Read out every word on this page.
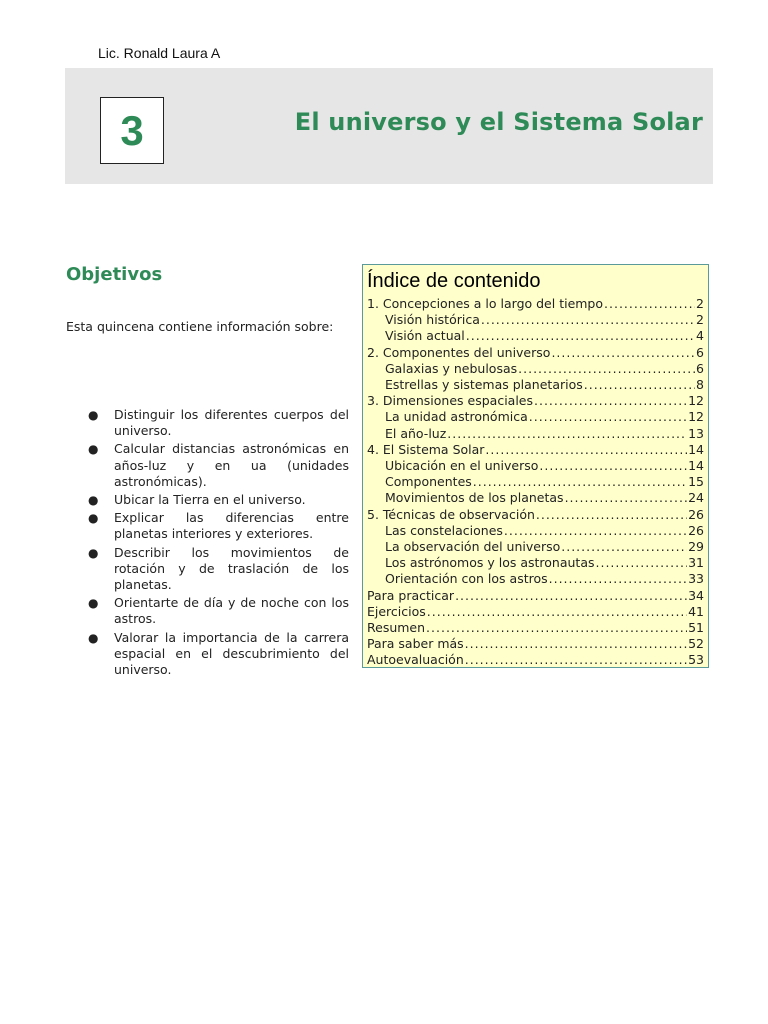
Lic. Ronald Laura A
3	El universo y el Sistema Solar
Objetivos
Esta quincena contiene información sobre:
● Distinguir los diferentes cuerpos del universo.
● Calcular distancias astronómicas en años-luz y en ua (unidades astronómicas).
● Ubicar la Tierra en el universo.
● Explicar las diferencias entre planetas interiores y exteriores.
● Describir los movimientos de rotación y de traslación de los planetas.
● Orientarte de día y de noche con los astros.
● Valorar la importancia de la carrera espacial en el descubrimiento del universo.
Índice de contenido
1. Concepciones a lo largo del tiempo .....	2
Visión histórica .....	2
Visión actual .....	4
2. Componentes del universo .....	6
Galaxias y nebulosas .....	6
Estrellas y sistemas planetarios .....	8
3. Dimensiones espaciales .....	12
La unidad astronómica .....	12
El año-luz .....	13
4. El Sistema Solar .....	14
Ubicación en el universo .....	14
Componentes .....	15
Movimientos de los planetas .....	24
5. Técnicas de observación .....	26
Las constelaciones .....	26
La observación del universo .....	29
Los astrónomos y los astronautas .....	31
Orientación con los astros .....	33
Para practicar .....	34
Ejercicios .....	41
Resumen .....	51
Para saber más .....	52
Autoevaluación .....	53
